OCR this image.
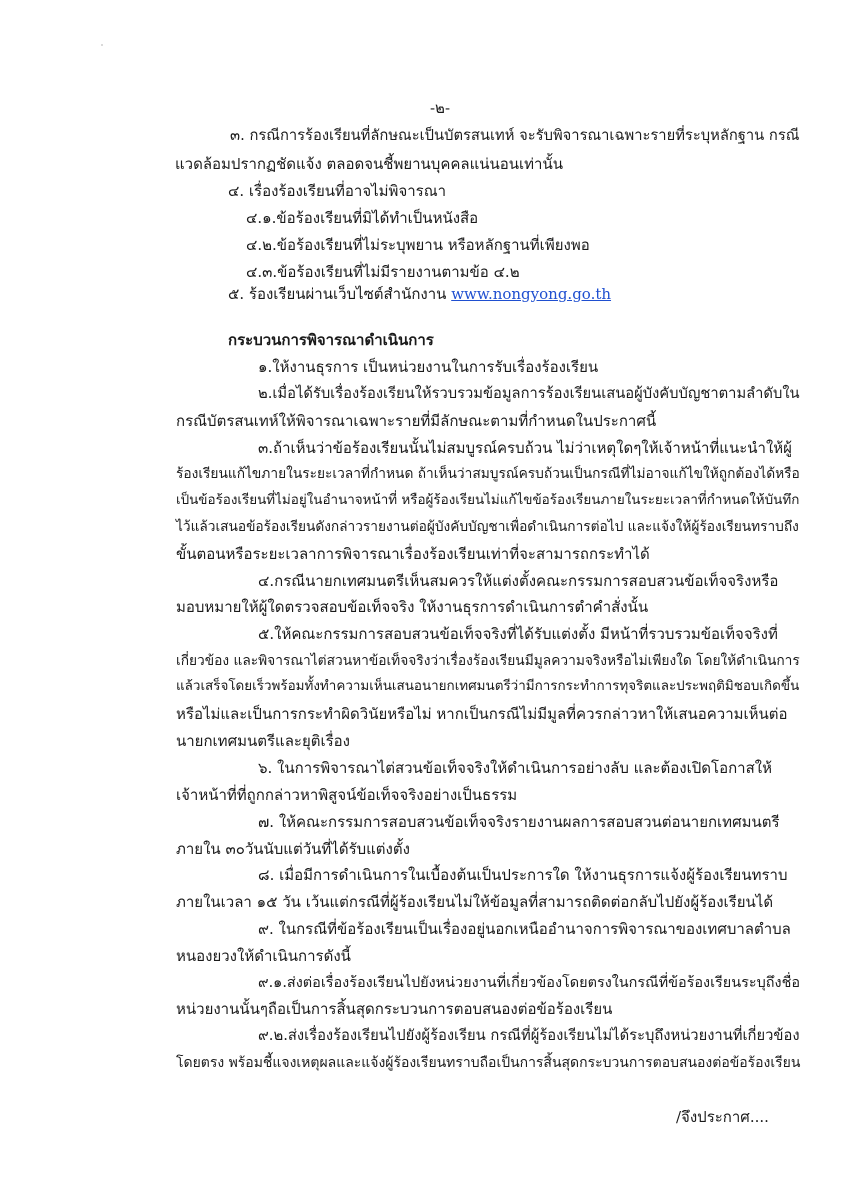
-๒-
๓. กรณีการร้องเรียนที่ลักษณะเป็นบัตรสนเทห์ จะรับพิจารณาเฉพาะรายที่ระบุหลักฐาน กรณี
แวดล้อมปรากฏชัดแจ้ง ตลอดจนชี้พยานบุคคลแน่นอนเท่านั้น
๔. เรื่องร้องเรียนที่อาจไม่พิจารณา
๔.๑.ข้อร้องเรียนที่มิได้ทำเป็นหนังสือ
๔.๒.ข้อร้องเรียนที่ไม่ระบุพยาน หรือหลักฐานที่เพียงพอ
๔.๓.ข้อร้องเรียนที่ไม่มีรายงานตามข้อ ๔.๒
๕. ร้องเรียนผ่านเว็บไซต์สำนักงาน www.nongyong.go.th
กระบวนการพิจารณาดำเนินการ
๑.ให้งานธุรการ เป็นหน่วยงานในการรับเรื่องร้องเรียน
๒.เมื่อได้รับเรื่องร้องเรียนให้รวบรวมข้อมูลการร้องเรียนเสนอผู้บังคับบัญชาตามลำดับใน
กรณีบัตรสนเทห์ให้พิจารณาเฉพาะรายที่มีลักษณะตามที่กำหนดในประกาศนี้
๓.ถ้าเห็นว่าข้อร้องเรียนนั้นไม่สมบูรณ์ครบถ้วน ไม่ว่าเหตุใดๆให้เจ้าหน้าที่แนะนำให้ผู้
ร้องเรียนแก้ไขภายในระยะเวลาที่กำหนด ถ้าเห็นว่าสมบูรณ์ครบถ้วนเป็นกรณีที่ไม่อาจแก้ไขให้ถูกต้องได้หรือ
เป็นข้อร้องเรียนที่ไม่อยู่ในอำนาจหน้าที่ หรือผู้ร้องเรียนไม่แก้ไขข้อร้องเรียนภายในระยะเวลาที่กำหนดให้บันทึก
ไว้แล้วเสนอข้อร้องเรียนดังกล่าวรายงานต่อผู้บังคับบัญชาเพื่อดำเนินการต่อไป และแจ้งให้ผู้ร้องเรียนทราบถึง
ขั้นตอนหรือระยะเวลาการพิจารณาเรื่องร้องเรียนเท่าที่จะสามารถกระทำได้
๔.กรณีนายกเทศมนตรีเห็นสมควรให้แต่งตั้งคณะกรรมการสอบสวนข้อเท็จจริงหรือ
มอบหมายให้ผู้ใดตรวจสอบข้อเท็จจริง ให้งานธุรการดำเนินการตำคำสั่งนั้น
๕.ให้คณะกรรมการสอบสวนข้อเท็จจริงที่ได้รับแต่งตั้ง มีหน้าที่รวบรวมข้อเท็จจริงที่
เกี่ยวข้อง และพิจารณาไต่สวนหาข้อเท็จจริงว่าเรื่องร้องเรียนมีมูลความจริงหรือไม่เพียงใด โดยให้ดำเนินการ
แล้วเสร็จโดยเร็วพร้อมทั้งทำความเห็นเสนอนายกเทศมนตรีว่ามีการกระทำการทุจริตและประพฤติมิชอบเกิดขึ้น
หรือไม่และเป็นการกระทำผิดวินัยหรือไม่ หากเป็นกรณีไม่มีมูลที่ควรกล่าวหาให้เสนอความเห็นต่อ
นายกเทศมนตรีและยุติเรื่อง
๖. ในการพิจารณาไต่สวนข้อเท็จจริงให้ดำเนินการอย่างลับ และต้องเปิดโอกาสให้
เจ้าหน้าที่ที่ถูกกล่าวหาพิสูจน์ข้อเท็จจริงอย่างเป็นธรรม
๗. ให้คณะกรรมการสอบสวนข้อเท็จจริงรายงานผลการสอบสวนต่อนายกเทศมนตรี
ภายใน ๓๐วันนับแต่วันที่ได้รับแต่งตั้ง
๘. เมื่อมีการดำเนินการในเบื้องต้นเป็นประการใด ให้งานธุรการแจ้งผู้ร้องเรียนทราบ
ภายในเวลา ๑๕ วัน เว้นแต่กรณีที่ผู้ร้องเรียนไม่ให้ข้อมูลที่สามารถติดต่อกลับไปยังผู้ร้องเรียนได้
๙. ในกรณีที่ข้อร้องเรียนเป็นเรื่องอยู่นอกเหนืออำนาจการพิจารณาของเทศบาลตำบล
หนองยวงให้ดำเนินการดังนี้
๙.๑.ส่งต่อเรื่องร้องเรียนไปยังหน่วยงานที่เกี่ยวข้องโดยตรงในกรณีที่ข้อร้องเรียนระบุถึงชื่อ
หน่วยงานนั้นๆถือเป็นการสิ้นสุดกระบวนการตอบสนองต่อข้อร้องเรียน
๙.๒.ส่งเรื่องร้องเรียนไปยังผู้ร้องเรียน กรณีที่ผู้ร้องเรียนไม่ได้ระบุถึงหน่วยงานที่เกี่ยวข้อง
โดยตรง พร้อมชี้แจงเหตุผลและแจ้งผู้ร้องเรียนทราบถือเป็นการสิ้นสุดกระบวนการตอบสนองต่อข้อร้องเรียน
/จึงประกาศ....
